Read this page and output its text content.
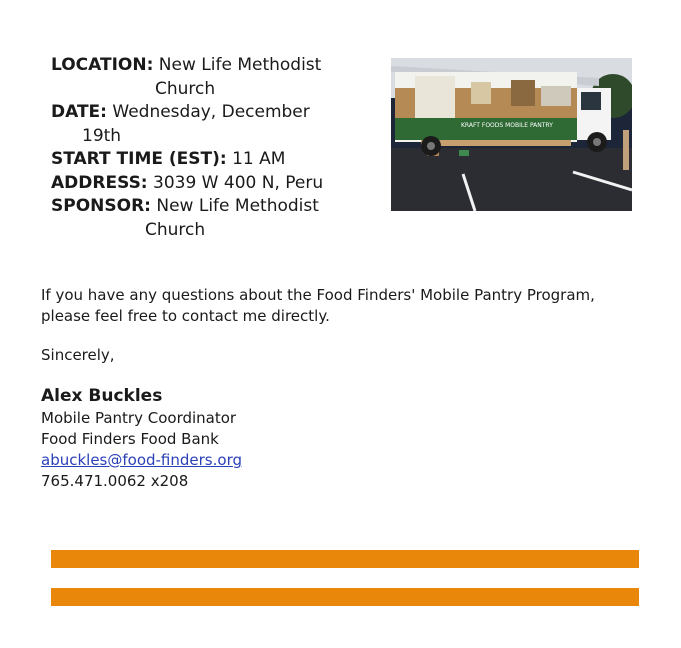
LOCATION: New Life Methodist
Church
DATE: Wednesday, December
19th
START TIME (EST): 11 AM
ADDRESS: 3039 W 400 N, Peru
SPONSOR: New Life Methodist
Church
KRAFT FOODS MOBILE PANTRY

If you have any questions about the Food Finders' Mobile Pantry Program, please feel free to contact me directly.

Sincerely,
Alex Buckles
Mobile Pantry Coordinator
Food Finders Food Bank
abuckles@food-finders.org
765.471.0062 x208
